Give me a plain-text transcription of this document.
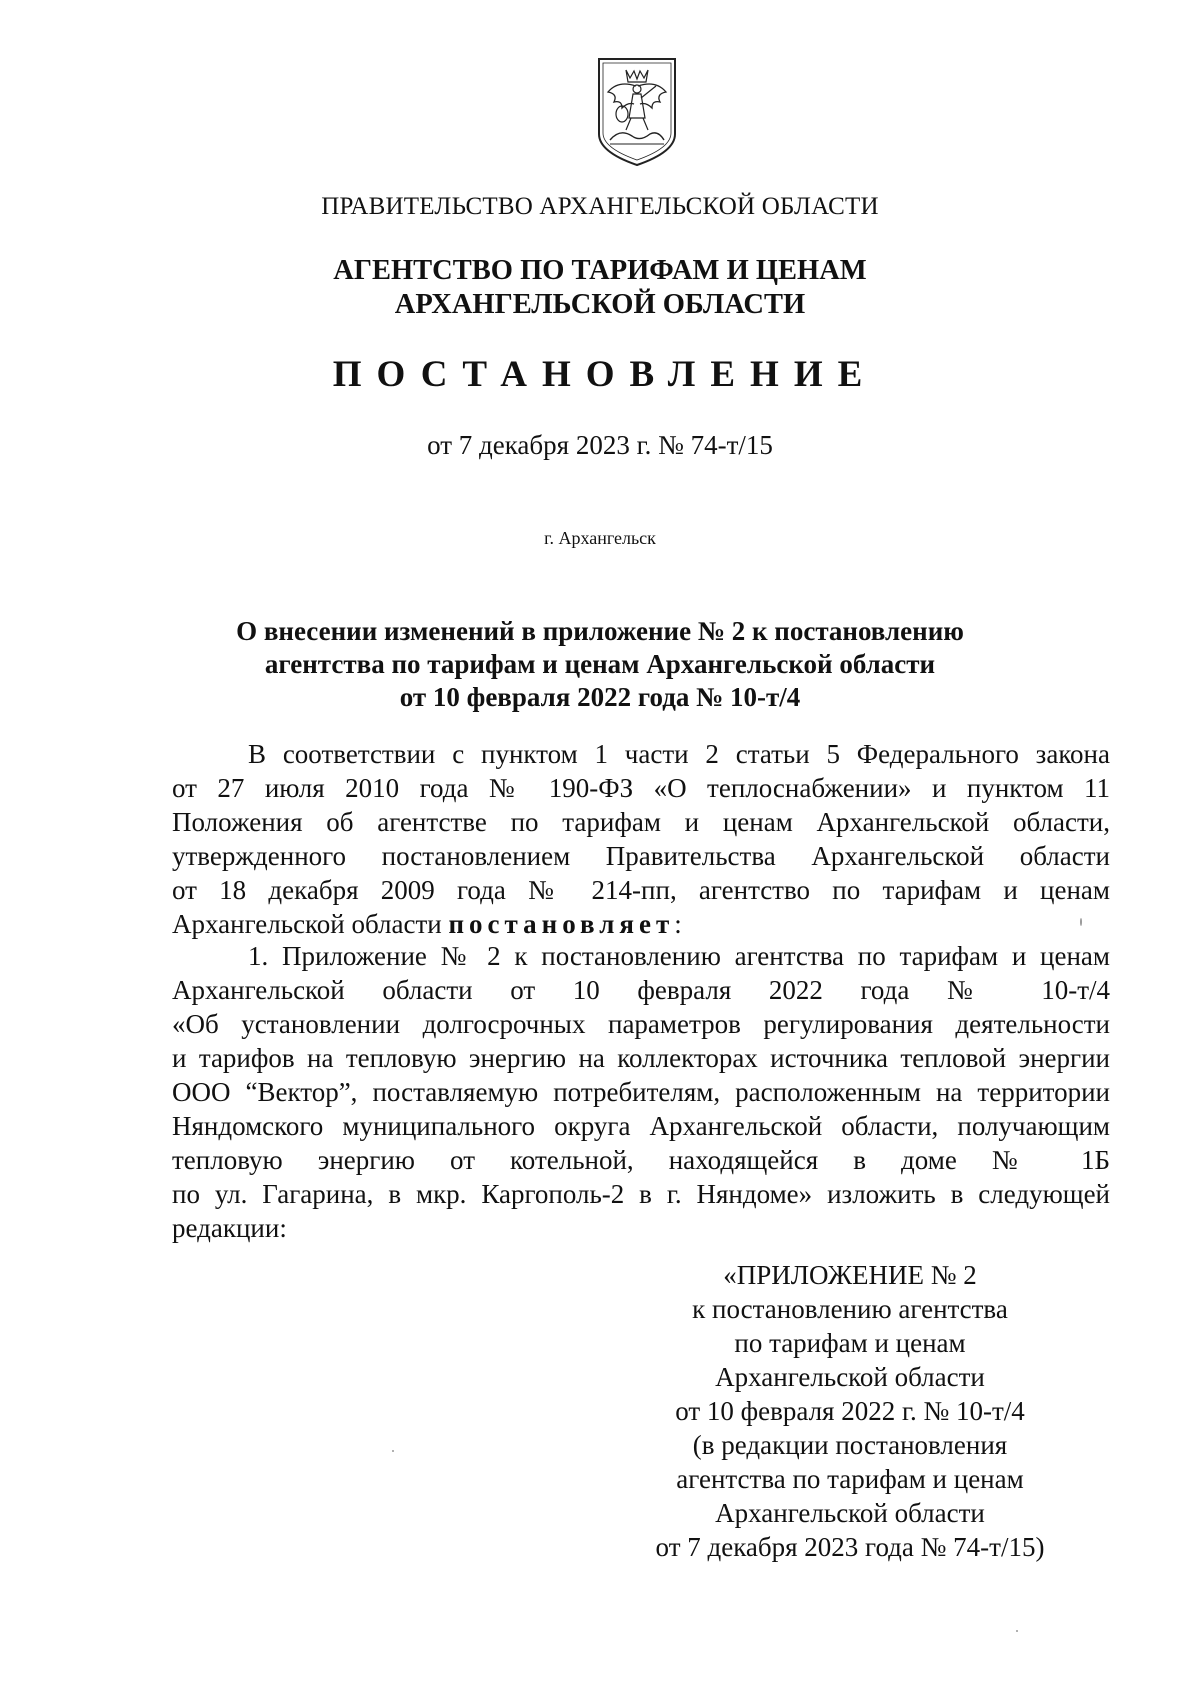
ПРАВИТЕЛЬСТВО АРХАНГЕЛЬСКОЙ ОБЛАСТИ
АГЕНТСТВО ПО ТАРИФАМ И ЦЕНАМ
АРХАНГЕЛЬСКОЙ ОБЛАСТИ
ПОСТАНОВЛЕНИЕ
от 7 декабря 2023 г. № 74-т/15
г. Архангельск
О внесении изменений в приложение № 2 к постановлению
агентства по тарифам и ценам Архангельской области
от 10 февраля 2022 года № 10-т/4
В соответствии с пунктом 1 части 2 статьи 5 Федерального закона
от 27 июля 2010 года № 190-ФЗ «О теплоснабжении» и пунктом 11
Положения об агентстве по тарифам и ценам Архангельской области,
утвержденного постановлением Правительства Архангельской области
от 18 декабря 2009 года № 214-пп, агентство по тарифам и ценам
Архангельской области постановляет:
1. Приложение № 2 к постановлению агентства по тарифам и ценам
Архангельской области от 10 февраля 2022 года № 10-т/4
«Об установлении долгосрочных параметров регулирования деятельности
и тарифов на тепловую энергию на коллекторах источника тепловой энергии
ООО “Вектор”, поставляемую потребителям, расположенным на территории
Няндомского муниципального округа Архангельской области, получающим
тепловую энергию от котельной, находящейся в доме № 1Б
по ул. Гагарина, в мкр. Каргополь-2 в г. Няндоме» изложить в следующей
редакции:
«ПРИЛОЖЕНИЕ № 2
к постановлению агентства
по тарифам и ценам
Архангельской области
от 10 февраля 2022 г. № 10-т/4
(в редакции постановления
агентства по тарифам и ценам
Архангельской области
от 7 декабря 2023 года № 74-т/15)
